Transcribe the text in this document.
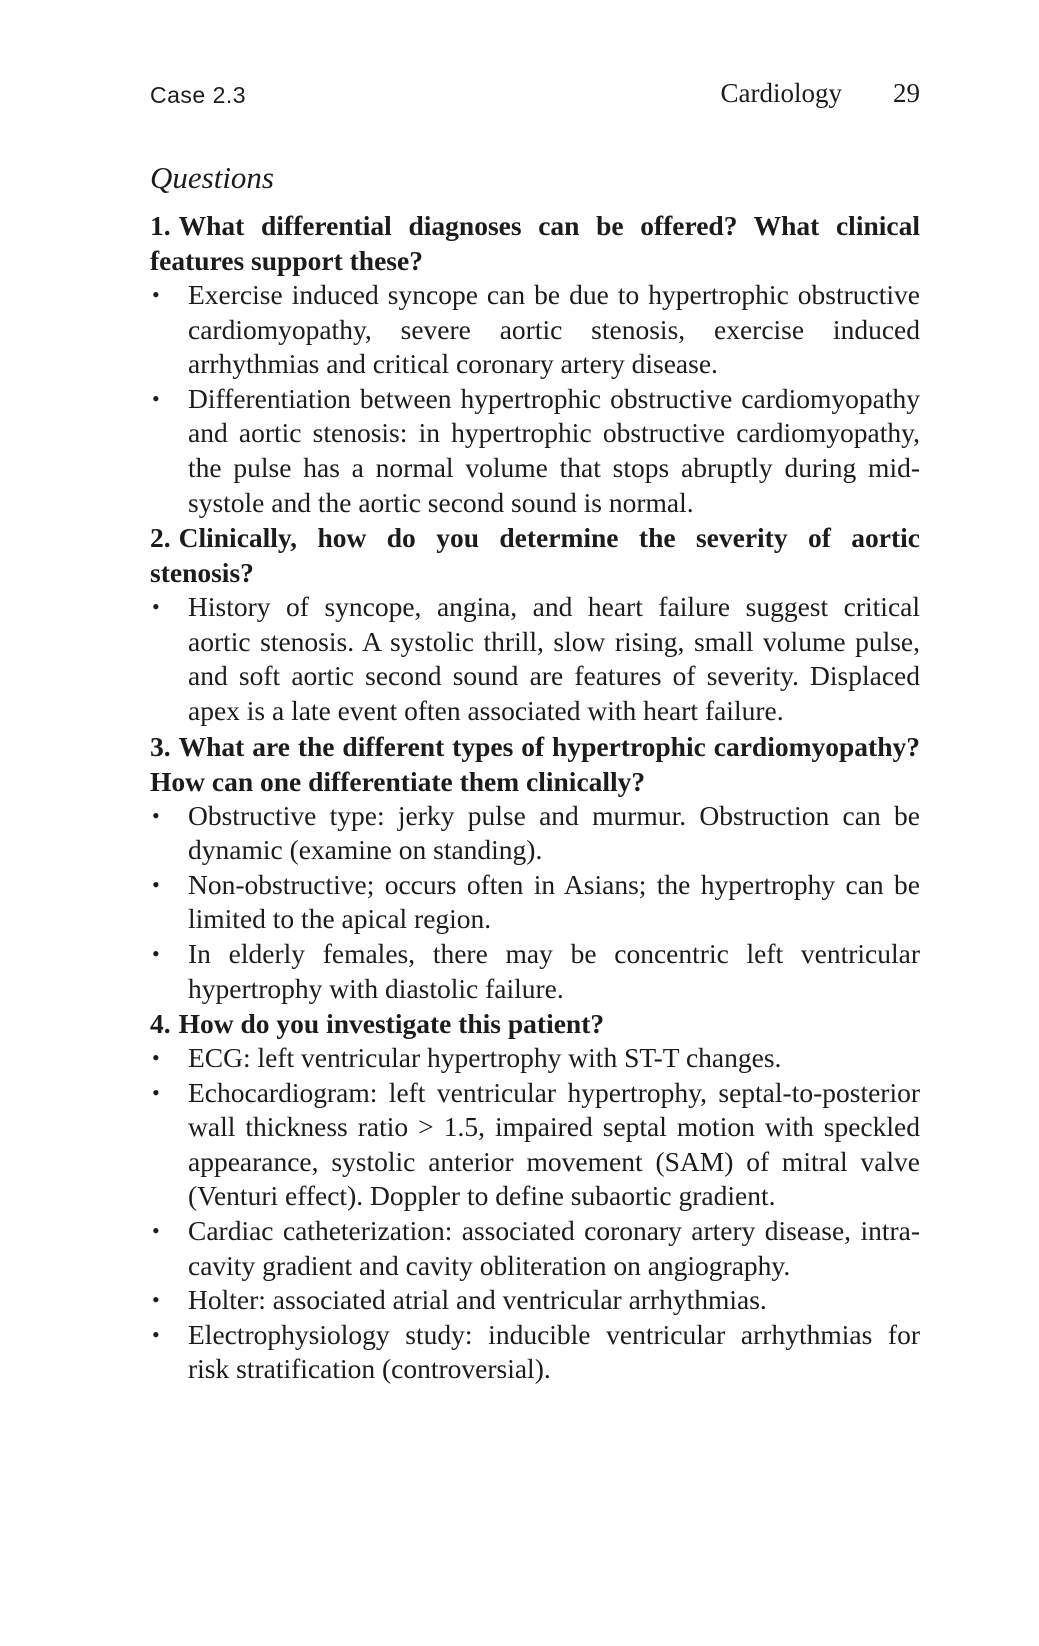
Case 2.3	Cardiology 29
Questions

1. What differential diagnoses can be offered? What clinical features support these?

• Exercise induced syncope can be due to hypertrophic obstructive cardiomyopathy, severe aortic stenosis, exercise induced arrhythmias and critical coronary artery disease.
• Differentiation between hypertrophic obstructive cardiomyopathy and aortic stenosis: in hypertrophic obstructive cardiomyopathy, the pulse has a normal volume that stops abruptly during mid-systole and the aortic second sound is normal.

2. Clinically, how do you determine the severity of aortic stenosis?

• History of syncope, angina, and heart failure suggest critical aortic stenosis. A systolic thrill, slow rising, small volume pulse, and soft aortic second sound are features of severity. Displaced apex is a late event often associated with heart failure.

3. What are the different types of hypertrophic cardiomyopathy? How can one differentiate them clinically?

• Obstructive type: jerky pulse and murmur. Obstruction can be dynamic (examine on standing).
• Non-obstructive; occurs often in Asians; the hypertrophy can be limited to the apical region.
• In elderly females, there may be concentric left ventricular hypertrophy with diastolic failure.

4. How do you investigate this patient?

• ECG: left ventricular hypertrophy with ST-T changes.
• Echocardiogram: left ventricular hypertrophy, septal-to-posterior wall thickness ratio > 1.5, impaired septal motion with speckled appearance, systolic anterior movement (SAM) of mitral valve (Venturi effect). Doppler to define subaortic gradient.
• Cardiac catheterization: associated coronary artery disease, intra-cavity gradient and cavity obliteration on angiography.
• Holter: associated atrial and ventricular arrhythmias.
• Electrophysiology study: inducible ventricular arrhythmias for risk stratification (controversial).
